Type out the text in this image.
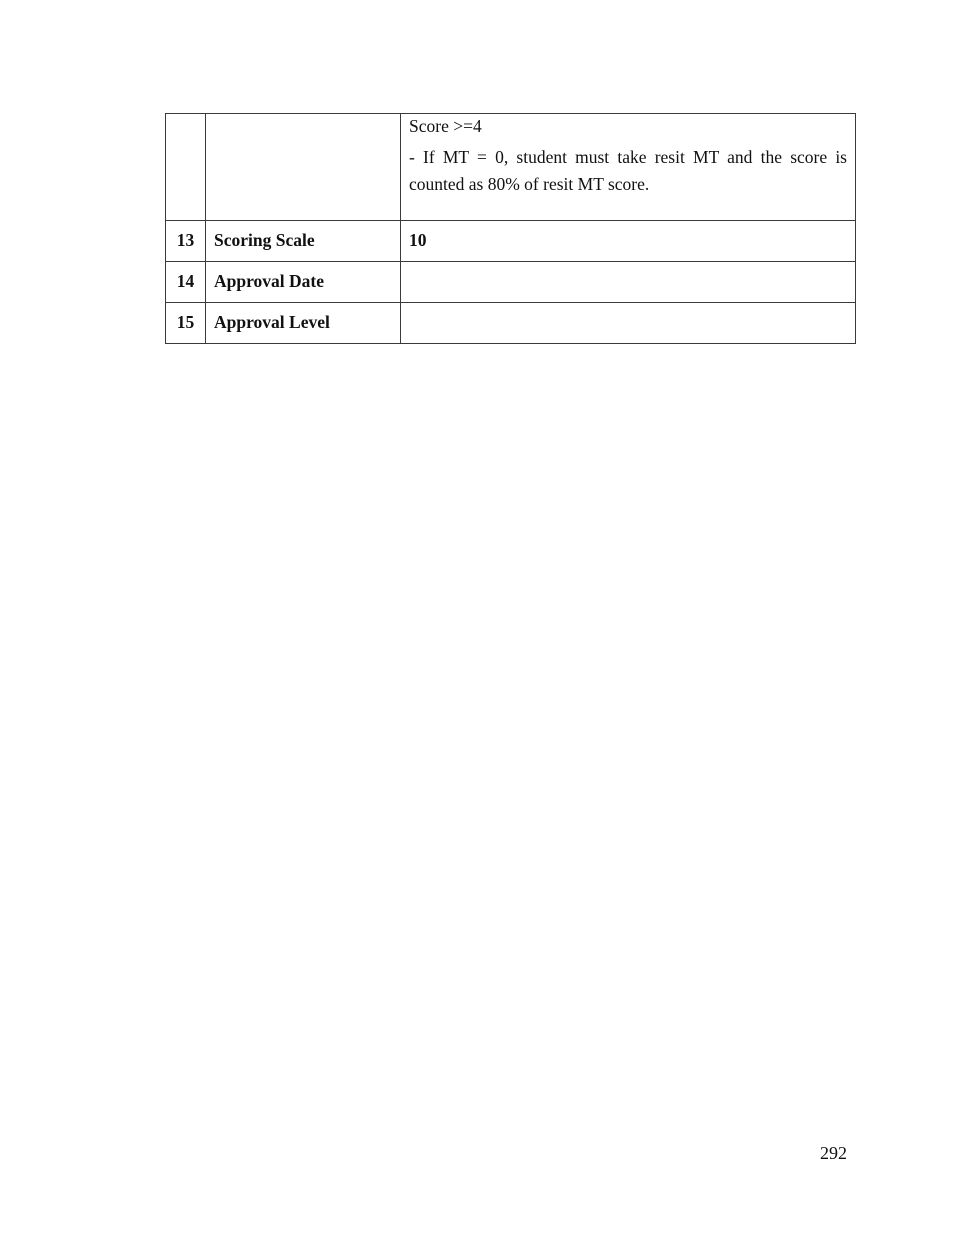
		Score >=4
- If MT = 0, student must take resit MT and the score is counted as 80% of resit MT score.

13	Scoring Scale	10

14	Approval Date	

15	Approval Level	

292
